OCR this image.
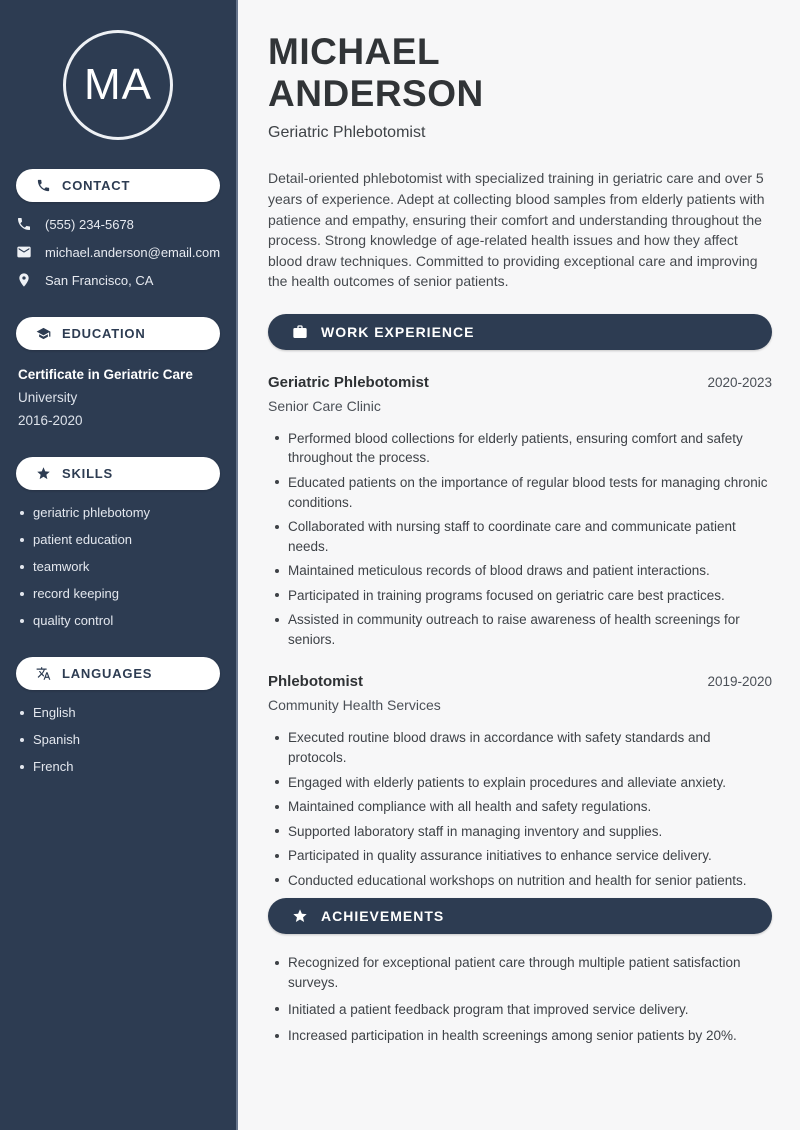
MA
CONTACT
(555) 234-5678
michael.anderson@email.com
San Francisco, CA
EDUCATION

Certificate in Geriatric Care

University

2016-2020

SKILLS
geriatric phlebotomy
patient education
teamwork
record keeping
quality control
LANGUAGES
English
Spanish
French
MICHAEL
ANDERSON

Geriatric Phlebotomist

Detail-oriented phlebotomist with specialized training in geriatric care and over 5 years of experience. Adept at collecting blood samples from elderly patients with patience and empathy, ensuring their comfort and understanding throughout the process. Strong knowledge of age-related health issues and how they affect blood draw techniques. Committed to providing exceptional care and improving the health outcomes of senior patients.

WORK EXPERIENCE
Geriatric Phlebotomist	2020-2023

Senior Care Clinic

Performed blood collections for elderly patients, ensuring comfort and safety throughout the process.
Educated patients on the importance of regular blood tests for managing chronic conditions.
Collaborated with nursing staff to coordinate care and communicate patient needs.
Maintained meticulous records of blood draws and patient interactions.
Participated in training programs focused on geriatric care best practices.
Assisted in community outreach to raise awareness of health screenings for seniors.
Phlebotomist	2019-2020

Community Health Services

Executed routine blood draws in accordance with safety standards and protocols.
Engaged with elderly patients to explain procedures and alleviate anxiety.
Maintained compliance with all health and safety regulations.
Supported laboratory staff in managing inventory and supplies.
Participated in quality assurance initiatives to enhance service delivery.
Conducted educational workshops on nutrition and health for senior patients.
ACHIEVEMENTS
Recognized for exceptional patient care through multiple patient satisfaction surveys.
Initiated a patient feedback program that improved service delivery.
Increased participation in health screenings among senior patients by 20%.
